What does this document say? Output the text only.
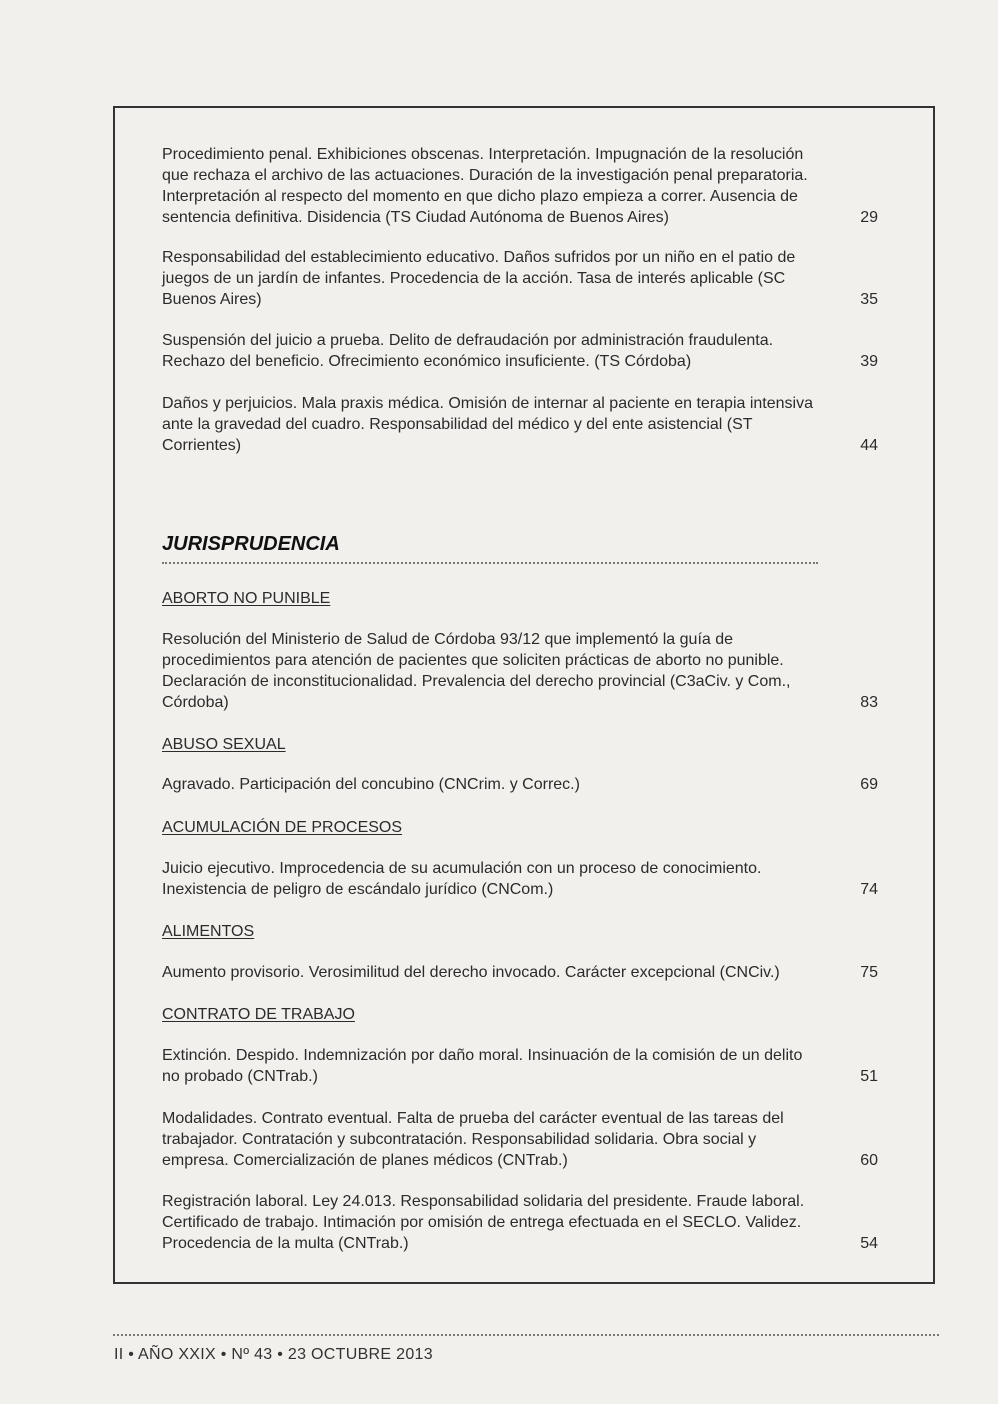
Procedimiento penal. Exhibiciones obscenas. Interpretación. Impugnación de la resolución que rechaza el archivo de las actuaciones. Duración de la investigación penal preparatoria. Interpretación al respecto del momento en que dicho plazo empieza a correr. Ausencia de sentencia definitiva. Disidencia (TS Ciudad Autónoma de Buenos Aires)	29
Responsabilidad del establecimiento educativo. Daños sufridos por un niño en el patio de juegos de un jardín de infantes. Procedencia de la acción. Tasa de interés aplicable (SC Buenos Aires)	35
Suspensión del juicio a prueba. Delito de defraudación por administración fraudulenta. Rechazo del beneficio. Ofrecimiento económico insuficiente. (TS Córdoba)	39
Daños y perjuicios. Mala praxis médica. Omisión de internar al paciente en terapia intensiva ante la gravedad del cuadro. Responsabilidad del médico y del ente asistencial (ST Corrientes)	44
JURISPRUDENCIA
ABORTO NO PUNIBLE
Resolución del Ministerio de Salud de Córdoba 93/12 que implementó la guía de procedimientos para atención de pacientes que soliciten prácticas de aborto no punible. Declaración de inconstitucionalidad. Prevalencia del derecho provincial (C3aCiv. y Com., Córdoba)	83
ABUSO SEXUAL
Agravado. Participación del concubino (CNCrim. y Correc.)	69
ACUMULACIÓN DE PROCESOS
Juicio ejecutivo. Improcedencia de su acumulación con un proceso de conocimiento. Inexistencia de peligro de escándalo jurídico (CNCom.)	74
ALIMENTOS
Aumento provisorio. Verosimilitud del derecho invocado. Carácter excepcional (CNCiv.)	75
CONTRATO DE TRABAJO
Extinción. Despido. Indemnización por daño moral. Insinuación de la comisión de un delito no probado (CNTrab.)	51
Modalidades. Contrato eventual. Falta de prueba del carácter eventual de las tareas del trabajador. Contratación y subcontratación. Responsabilidad solidaria. Obra social y empresa. Comercialización de planes médicos (CNTrab.)	60
Registración laboral. Ley 24.013. Responsabilidad solidaria del presidente. Fraude laboral. Certificado de trabajo. Intimación por omisión de entrega efectuada en el SECLO. Validez. Procedencia de la multa (CNTrab.)	54
II • AÑO XXIX • Nº 43 • 23 OCTUBRE 2013
